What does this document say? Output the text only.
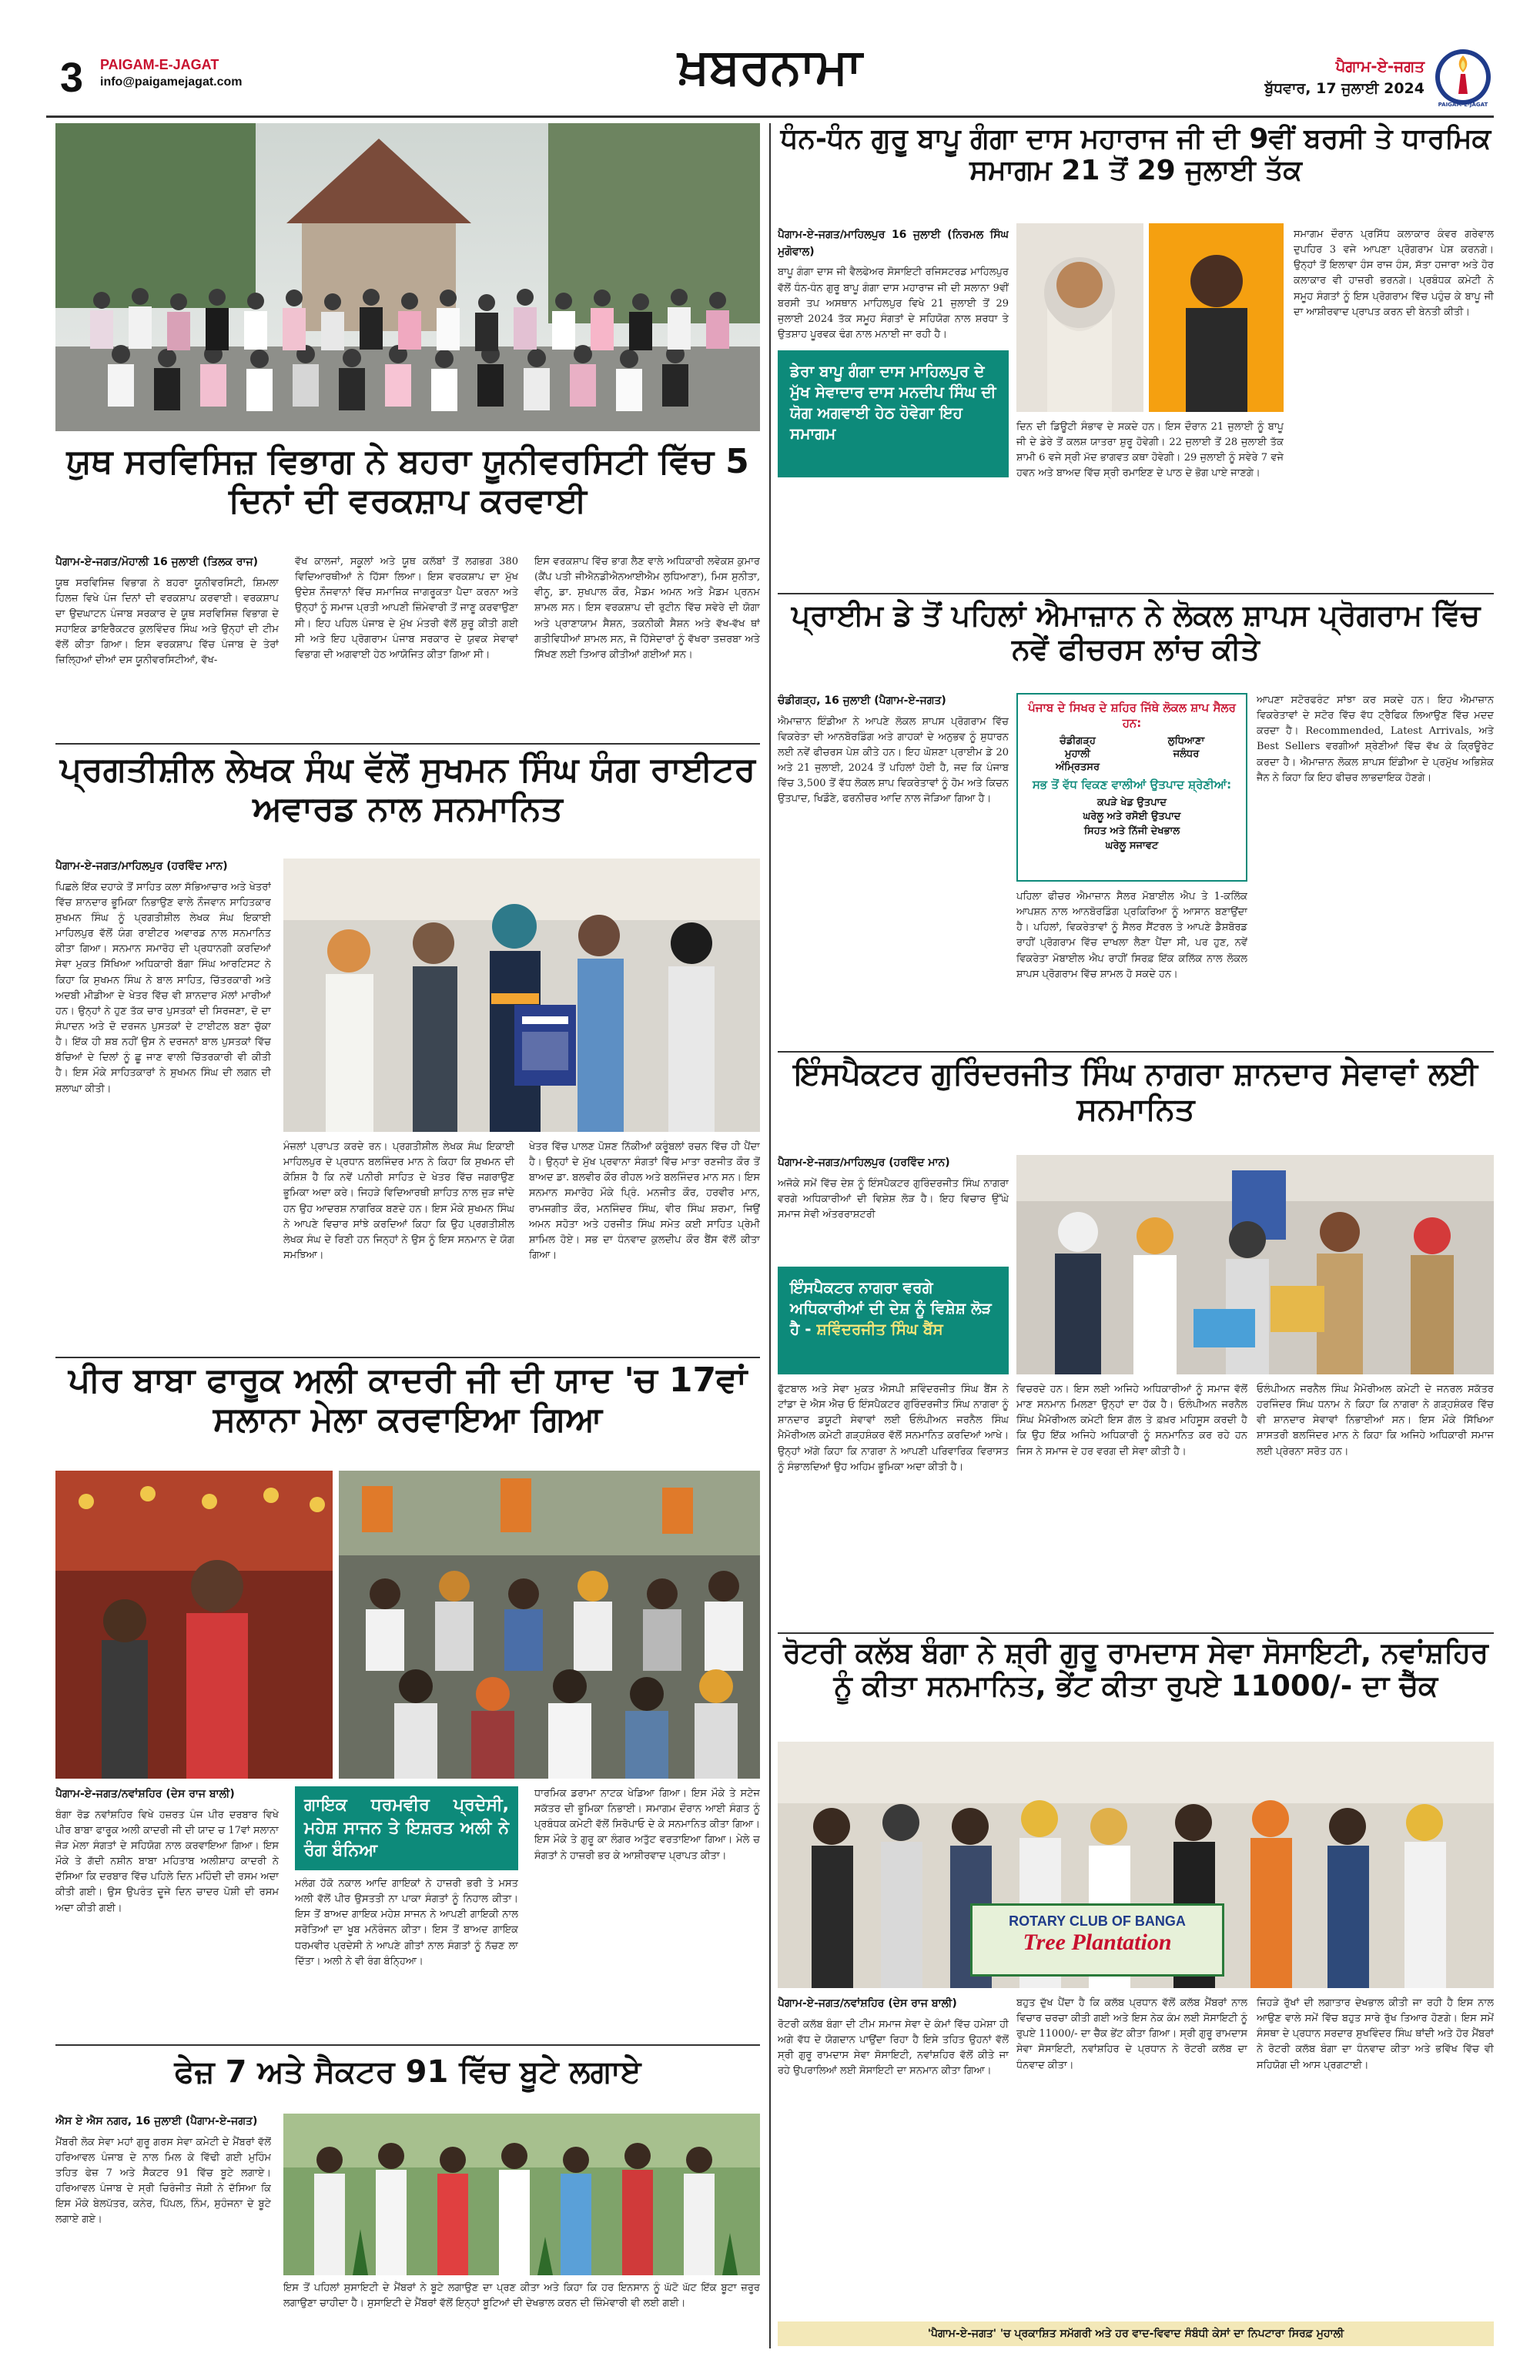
3 PAIGAM-E-JAGAT
info@paigamejagat.com	ਖ਼ਬਰਨਾਮਾ	ਪੈਗਾਮ-ਏ-ਜਗਤ
ਬੁੱਧਵਾਰ, 17 ਜੁਲਾਈ 2024
PAIGAM-E-JAGAT
ਯੁਥ ਸਰਵਿਸਿਜ਼ ਵਿਭਾਗ ਨੇ ਬਹਰਾ ਯੂਨੀਵਰਸਿਟੀ ਵਿੱਚ 5 ਦਿਨਾਂ ਦੀ ਵਰਕਸ਼ਾਪ ਕਰਵਾਈ
ਪੈਗਾਮ-ਏ-ਜਗਤ/ਮੋਹਾਲੀ 16 ਜੁਲਾਈ (ਤਿਲਕ ਰਾਜ)
ਯੂਥ ਸਰਵਿਸਿਜ਼ ਵਿਭਾਗ ਨੇ ਬਹਰਾ ਯੂਨੀਵਰਸਿਟੀ, ਸ਼ਿਮਲਾ ਹਿਲਜ਼ ਵਿਖੇ ਪੰਜ ਦਿਨਾਂ ਦੀ ਵਰਕਸ਼ਾਪ ਕਰਵਾਈ। ਵਰਕਸ਼ਾਪ ਦਾ ਉਦਘਾਟਨ ਪੰਜਾਬ ਸਰਕਾਰ ਦੇ ਯੂਥ ਸਰਵਿਸਿਜ਼ ਵਿਭਾਗ ਦੇ ਸਹਾਇਕ ਡਾਇਰੈਕਟਰ ਕੁਲਵਿੰਦਰ ਸਿੰਘ ਅਤੇ ਉਨ੍ਹਾਂ ਦੀ ਟੀਮ ਵੱਲੋਂ ਕੀਤਾ ਗਿਆ। ਇਸ ਵਰਕਸ਼ਾਪ ਵਿੱਚ ਪੰਜਾਬ ਦੇ ਤੇਰਾਂ ਜ਼ਿਲ੍ਹਿਆਂ ਦੀਆਂ ਦਸ ਯੂਨੀਵਰਸਿਟੀਆਂ, ਵੱਖ-
ਵੱਖ ਕਾਲਜਾਂ, ਸਕੂਲਾਂ ਅਤੇ ਯੂਥ ਕਲੱਬਾਂ ਤੋਂ ਲਗਭਗ 380 ਵਿਦਿਆਰਥੀਆਂ ਨੇ ਹਿੱਸਾ ਲਿਆ। ਇਸ ਵਰਕਸ਼ਾਪ ਦਾ ਮੁੱਖ ਉਦੇਸ਼ ਨੌਜਵਾਨਾਂ ਵਿੱਚ ਸਮਾਜਿਕ ਜਾਗਰੂਕਤਾ ਪੈਦਾ ਕਰਨਾ ਅਤੇ ਉਨ੍ਹਾਂ ਨੂੰ ਸਮਾਜ ਪ੍ਰਤੀ ਆਪਣੀ ਜ਼ਿੰਮੇਵਾਰੀ ਤੋਂ ਜਾਣੂ ਕਰਵਾਉਣਾ ਸੀ। ਇਹ ਪਹਿਲ ਪੰਜਾਬ ਦੇ ਮੁੱਖ ਮੰਤਰੀ ਵੱਲੋਂ ਸ਼ੁਰੂ ਕੀਤੀ ਗਈ ਸੀ ਅਤੇ ਇਹ ਪ੍ਰੋਗਰਾਮ ਪੰਜਾਬ ਸਰਕਾਰ ਦੇ ਯੁਵਕ ਸੇਵਾਵਾਂ ਵਿਭਾਗ ਦੀ ਅਗਵਾਈ ਹੇਠ ਆਯੋਜਿਤ ਕੀਤਾ ਗਿਆ ਸੀ।
ਇਸ ਵਰਕਸ਼ਾਪ ਵਿੱਚ ਭਾਗ ਲੈਣ ਵਾਲੇ ਅਧਿਕਾਰੀ ਲਵੇਕਸ਼ ਕੁਮਾਰ (ਕੈਂਪ ਪਤੀ ਜੀਐਨਡੀਐਨਆਈਐਮ ਲੁਧਿਆਣਾ), ਮਿਸ ਸੁਨੀਤਾ, ਵੀਨੂ, ਡਾ. ਸੁਖਪਾਲ ਕੌਰ, ਮੈਡਮ ਅਮਨ ਅਤੇ ਮੈਡਮ ਪ੍ਰਨਮ ਸ਼ਾਮਲ ਸਨ। ਇਸ ਵਰਕਸ਼ਾਪ ਦੀ ਰੁਟੀਨ ਵਿੱਚ ਸਵੇਰੇ ਦੀ ਯੋਗਾ ਅਤੇ ਪ੍ਰਾਣਾਯਾਮ ਸੈਸ਼ਨ, ਤਕਨੀਕੀ ਸੈਸ਼ਨ ਅਤੇ ਵੱਖ-ਵੱਖ ਥਾਂ ਗਤੀਵਿਧੀਆਂ ਸ਼ਾਮਲ ਸਨ, ਜੋ ਹਿੱਸੇਦਾਰਾਂ ਨੂੰ ਵੱਖਰਾ ਤਜ਼ਰਬਾ ਅਤੇ ਸਿੱਖਣ ਲਈ ਤਿਆਰ ਕੀਤੀਆਂ ਗਈਆਂ ਸਨ।
ਪ੍ਰਗਤੀਸ਼ੀਲ ਲੇਖਕ ਸੰਘ ਵੱਲੋਂ ਸੁਖਮਨ ਸਿੰਘ ਯੰਗ ਰਾਈਟਰ ਅਵਾਰਡ ਨਾਲ ਸਨਮਾਨਿਤ
ਪੈਗਾਮ-ਏ-ਜਗਤ/ਮਾਹਿਲਪੁਰ (ਹਰਵਿੰਦ ਮਾਨ)
ਪਿਛਲੇ ਇੱਕ ਦਹਾਕੇ ਤੋਂ ਸਾਹਿਤ ਕਲਾ ਸੱਭਿਆਚਾਰ ਅਤੇ ਖੇਤਰਾਂ ਵਿੱਚ ਸ਼ਾਨਦਾਰ ਭੂਮਿਕਾ ਨਿਭਾਉਣ ਵਾਲੇ ਨੌਜਵਾਨ ਸਾਹਿਤਕਾਰ ਸੁਖਮਨ ਸਿੰਘ ਨੂੰ ਪ੍ਰਗਤੀਸ਼ੀਲ ਲੇਖਕ ਸੰਘ ਇਕਾਈ ਮਾਹਿਲਪੁਰ ਵੱਲੋਂ ਯੰਗ ਰਾਈਟਰ ਅਵਾਰਡ ਨਾਲ ਸਨਮਾਨਿਤ ਕੀਤਾ ਗਿਆ। ਸਨਮਾਨ ਸਮਾਰੋਹ ਦੀ ਪ੍ਰਧਾਨਗੀ ਕਰਦਿਆਂ ਸੇਵਾ ਮੁਕਤ ਸਿੱਖਿਆ ਅਧਿਕਾਰੀ ਬੱਗਾ ਸਿੰਘ ਆਰਟਿਸਟ ਨੇ ਕਿਹਾ ਕਿ ਸੁਖਮਨ ਸਿੰਘ ਨੇ ਬਾਲ ਸਾਹਿਤ, ਚਿੱਤਰਕਾਰੀ ਅਤੇ ਅਦਬੀ ਮੀਡੀਆ ਦੇ ਖੇਤਰ ਵਿੱਚ ਵੀ ਸ਼ਾਨਦਾਰ ਮੱਲਾਂ ਮਾਰੀਆਂ ਹਨ। ਉਨ੍ਹਾਂ ਨੇ ਹੁਣ ਤੱਕ ਚਾਰ ਪੁਸਤਕਾਂ ਦੀ ਸਿਰਜਣਾ, ਦੋ ਦਾ ਸੰਪਾਦਨ ਅਤੇ ਦੋ ਦਰਜਨ ਪੁਸਤਕਾਂ ਦੇ ਟਾਈਟਲ ਬਣਾ ਚੁੱਕਾ ਹੈ। ਇੱਕ ਹੀ ਸ਼ਬ ਨਹੀਂ ਉਸ ਨੇ ਦਰਜਨਾਂ ਬਾਲ ਪੁਸਤਕਾਂ ਵਿੱਚ ਬੱਚਿਆਂ ਦੇ ਦਿਲਾਂ ਨੂੰ ਛੂ ਜਾਣ ਵਾਲੀ ਚਿੱਤਰਕਾਰੀ ਵੀ ਕੀਤੀ ਹੈ। ਇਸ ਮੌਕੇ ਸਾਹਿਤਕਾਰਾਂ ਨੇ ਸੁਖਮਨ ਸਿੰਘ ਦੀ ਲਗਨ ਦੀ ਸ਼ਲਾਘਾ ਕੀਤੀ।
ਮੰਜ਼ਲਾਂ ਪ੍ਰਾਪਤ ਕਰਦੇ ਰਨ। ਪ੍ਰਗਤੀਸ਼ੀਲ ਲੇਖਕ ਸੰਘ ਇਕਾਈ ਮਾਹਿਲਪੁਰ ਦੇ ਪ੍ਰਧਾਨ ਬਲਜਿੰਦਰ ਮਾਨ ਨੇ ਕਿਹਾ ਕਿ ਸੁਖਮਨ ਦੀ ਕੋਸ਼ਿਸ਼ ਹੈ ਕਿ ਨਵੇਂ ਪਨੀਰੀ ਸਾਹਿਤ ਦੇ ਖੇਤਰ ਵਿੱਚ ਜਗਰਾਉਣ ਭੂਮਿਕਾ ਅਦਾ ਕਰੇ। ਜਿਹੜੇ ਵਿਦਿਆਰਥੀ ਸ਼ਾਹਿਤ ਨਾਲ ਜੁੜ ਜਾਂਦੇ ਹਨ ਉਹ ਆਦਰਸ਼ ਨਾਗਰਿਕ ਬਣਦੇ ਹਨ। ਇਸ ਮੌਕੇ ਸੁਖਮਨ ਸਿੰਘ ਨੇ ਆਪਣੇ ਵਿਚਾਰ ਸਾਂਝੇ ਕਰਦਿਆਂ ਕਿਹਾ ਕਿ ਉਹ ਪ੍ਰਗਤੀਸ਼ੀਲ ਲੇਖਕ ਸੰਘ ਦੇ ਰਿਣੀ ਹਨ ਜਿਨ੍ਹਾਂ ਨੇ ਉਸ ਨੂੰ ਇਸ ਸਨਮਾਨ ਦੇ ਯੋਗ ਸਮਝਿਆ।
ਖੇਤਰ ਵਿੱਚ ਪਾਲਣ ਪੋਸ਼ਣ ਨਿੱਕੀਆਂ ਕਰੂੰਬਲਾਂ ਰਚਨ ਵਿੱਚ ਹੀ ਪੈਂਦਾ ਹੈ। ਉਨ੍ਹਾਂ ਦੇ ਮੁੱਖ ਪ੍ਰਵਾਨਾ ਸੰਗਤਾਂ ਵਿੱਚ ਮਾਤਾ ਰਣਜੀਤ ਕੌਰ ਤੋਂ ਬਾਅਦ ਡਾ. ਬਲਵੀਰ ਕੌਰ ਰੀਹਲ ਅਤੇ ਬਲਜਿੰਦਰ ਮਾਨ ਸਨ। ਇਸ ਸਨਮਾਨ ਸਮਾਰੋਹ ਮੌਕੇ ਪ੍ਰਿੰ. ਮਨਜੀਤ ਕੌਰ, ਹਰਵੀਰ ਮਾਨ, ਰਾਮਜਗੀਤ ਕੌਰ, ਮਨਜਿੰਦਰ ਸਿੰਘ, ਵੀਰ ਸਿੰਘ ਸ਼ਰਮਾ, ਜਿਉਂ ਅਮਨ ਸਹੋਤਾ ਅਤੇ ਹਰਜੀਤ ਸਿੰਘ ਸਮੇਤ ਕਈ ਸਾਹਿਤ ਪ੍ਰੇਮੀ ਸ਼ਾਮਿਲ ਹੋਏ। ਸਭ ਦਾ ਧੰਨਵਾਦ ਕੁਲਦੀਪ ਕੌਰ ਬੈਂਸ ਵੱਲੋਂ ਕੀਤਾ ਗਿਆ।
ਪੀਰ ਬਾਬਾ ਫਾਰੂਕ ਅਲੀ ਕਾਦਰੀ ਜੀ ਦੀ ਯਾਦ 'ਚ 17ਵਾਂ ਸਲਾਨਾ ਮੇਲਾ ਕਰਵਾਇਆ ਗਿਆ
ਪੈਗਾਮ-ਏ-ਜਗਤ/ਨਵਾਂਸ਼ਹਿਰ (ਦੇਸ ਰਾਜ ਬਾਲੀ)
ਬੰਗਾ ਰੋਡ ਨਵਾਂਸ਼ਹਿਰ ਵਿਖੇ ਹਜ਼ਰਤ ਪੰਜ ਪੀਰ ਦਰਬਾਰ ਵਿਖੇ ਪੀਰ ਬਾਬਾ ਫਾਰੂਕ ਅਲੀ ਕਾਦਰੀ ਜੀ ਦੀ ਯਾਦ ਚ 17ਵਾਂ ਸਲਾਨਾ ਜੋੜ ਮੇਲਾ ਸੰਗਤਾਂ ਦੇ ਸਹਿਯੋਗ ਨਾਲ ਕਰਵਾਇਆ ਗਿਆ। ਇਸ ਮੌਕੇ ਤੇ ਗੱਦੀ ਨਸ਼ੀਨ ਬਾਬਾ ਮਹਿਤਾਬ ਅਲੀਸ਼ਾਹ ਕਾਦਰੀ ਨੇ ਦੱਸਿਆ ਕਿ ਦਰਬਾਰ ਵਿੱਚ ਪਹਿਲੇ ਦਿਨ ਮਹਿੰਦੀ ਦੀ ਰਸਮ ਅਦਾ ਕੀਤੀ ਗਈ। ਉਸ ਉਪਰੰਤ ਦੂਜੇ ਦਿਨ ਚਾਦਰ ਪੋਸ਼ੀ ਦੀ ਰਸਮ ਅਦਾ ਕੀਤੀ ਗਈ।
ਗਾਇਕ ਧਰਮਵੀਰ ਪ੍ਰਦੇਸੀ, ਮਹੇਸ਼ ਸਾਜਨ ਤੇ ਇਸ਼ਰਤ ਅਲੀ ਨੇ ਰੰਗ ਬੰਨਿਆ
ਮਲੰਗ ਹੱਕੋ ਨਕਾਲ ਆਦਿ ਗਾਇਕਾਂ ਨੇ ਹਾਜ਼ਰੀ ਭਰੀ ਤੇ ਮਸਤ ਅਲੀ ਵੱਲੋਂ ਪੀਰ ਉਸਤਤੀ ਨਾ ਪਾਕਾ ਸੰਗਤਾਂ ਨੂੰ ਨਿਹਾਲ ਕੀਤਾ। ਇਸ ਤੋਂ ਬਾਅਦ ਗਾਇਕ ਮਹੇਸ਼ ਸਾਜਨ ਨੇ ਆਪਣੀ ਗਾਇਕੀ ਨਾਲ ਸਰੋਤਿਆਂ ਦਾ ਖੂਬ ਮਨੋਰੰਜਨ ਕੀਤਾ। ਇਸ ਤੋਂ ਬਾਅਦ ਗਾਇਕ ਧਰਮਵੀਰ ਪ੍ਰਦੇਸੀ ਨੇ ਆਪਣੇ ਗੀਤਾਂ ਨਾਲ ਸੰਗਤਾਂ ਨੂੰ ਨੱਚਣ ਲਾ ਦਿੱਤਾ। ਅਲੀ ਨੇ ਵੀ ਰੰਗ ਬੰਨ੍ਹਿਆ।
ਧਾਰਮਿਕ ਡਰਾਮਾ ਨਾਟਕ ਖੇਡਿਆ ਗਿਆ। ਇਸ ਮੌਕੇ ਤੇ ਸਟੇਜ ਸਕੱਤਰ ਦੀ ਭੂਮਿਕਾ ਨਿਭਾਈ। ਸਮਾਗਮ ਦੌਰਾਨ ਆਈ ਸੰਗਤ ਨੂੰ ਪ੍ਰਬੰਧਕ ਕਮੇਟੀ ਵੱਲੋਂ ਸਿਰੋਪਾਓ ਦੇ ਕੇ ਸਨਮਾਨਿਤ ਕੀਤਾ ਗਿਆ। ਇਸ ਮੌਕੇ ਤੇ ਗੁਰੂ ਕਾ ਲੰਗਰ ਅਤੁੱਟ ਵਰਤਾਇਆ ਗਿਆ। ਮੇਲੇ ਚ ਸੰਗਤਾਂ ਨੇ ਹਾਜ਼ਰੀ ਭਰ ਕੇ ਆਸ਼ੀਰਵਾਦ ਪ੍ਰਾਪਤ ਕੀਤਾ।
ਫੇਜ਼ 7 ਅਤੇ ਸੈਕਟਰ 91 ਵਿੱਚ ਬੂਟੇ ਲਗਾਏ
ਐਸ ਏ ਐਸ ਨਗਰ, 16 ਜੁਲਾਈ (ਪੈਗਾਮ-ਏ-ਜਗਤ)
ਮੈਂਬਰੀ ਲੋਕ ਸੇਵਾ ਮਹਾਂ ਗੁਰੂ ਗਰਸ ਸੇਵਾ ਕਮੇਟੀ ਦੇ ਮੈਂਬਰਾਂ ਵੱਲੋਂ ਹਰਿਆਵਲ ਪੰਜਾਬ ਦੇ ਨਾਲ ਮਿਲ ਕੇ ਵਿੱਢੀ ਗਈ ਮੁਹਿੰਮ ਤਹਿਤ ਫੇਜ਼ 7 ਅਤੇ ਸੈਕਟਰ 91 ਵਿੱਚ ਬੂਟੇ ਲਗਾਏ। ਹਰਿਆਵਲ ਪੰਜਾਬ ਦੇ ਸ੍ਰੀ ਚਿਰੰਜੀਤ ਜੋਸ਼ੀ ਨੇ ਦੱਸਿਆ ਕਿ ਇਸ ਮੌਕੇ ਬੇਲਪੱਤਰ, ਕਨੇਰ, ਪਿੱਪਲ, ਨਿੰਮ, ਸੁਹੰਜਨਾ ਦੇ ਬੂਟੇ ਲਗਾਏ ਗਏ।
ਇਸ ਤੋਂ ਪਹਿਲਾਂ ਸੁਸਾਇਟੀ ਦੇ ਮੈਂਬਰਾਂ ਨੇ ਬੂਟੇ ਲਗਾਉਣ ਦਾ ਪ੍ਰਣ ਕੀਤਾ ਅਤੇ ਕਿਹਾ ਕਿ ਹਰ ਇਨਸਾਨ ਨੂੰ ਘੱਟੋ ਘੱਟ ਇੱਕ ਬੂਟਾ ਜ਼ਰੂਰ ਲਗਾਉਣਾ ਚਾਹੀਦਾ ਹੈ। ਸੁਸਾਇਟੀ ਦੇ ਮੈਂਬਰਾਂ ਵੱਲੋਂ ਇਨ੍ਹਾਂ ਬੂਟਿਆਂ ਦੀ ਦੇਖਭਾਲ ਕਰਨ ਦੀ ਜ਼ਿੰਮੇਵਾਰੀ ਵੀ ਲਈ ਗਈ।
ਧੰਨ-ਧੰਨ ਗੁਰੂ ਬਾਪੂ ਗੰਗਾ ਦਾਸ ਮਹਾਰਾਜ ਜੀ ਦੀ 9ਵੀਂ ਬਰਸੀ ਤੇ ਧਾਰਮਿਕ ਸਮਾਗਮ 21 ਤੋਂ 29 ਜੁਲਾਈ ਤੱਕ
ਪੈਗਾਮ-ਏ-ਜਗਤ/ਮਾਹਿਲਪੁਰ 16 ਜੁਲਾਈ (ਨਿਰਮਲ ਸਿੰਘ ਮੁਗੋਵਾਲ)
ਬਾਪੂ ਗੰਗਾ ਦਾਸ ਜੀ ਵੈਲਫੇਅਰ ਸੋਸਾਇਟੀ ਰਜਿਸਟਰਡ ਮਾਹਿਲਪੁਰ ਵੱਲੋਂ ਧੰਨ-ਧੰਨ ਗੁਰੂ ਬਾਪੂ ਗੰਗਾ ਦਾਸ ਮਹਾਰਾਜ ਜੀ ਦੀ ਸਲਾਨਾ 9ਵੀਂ ਬਰਸੀ ਤਪ ਅਸਥਾਨ ਮਾਹਿਲਪੁਰ ਵਿਖੇ 21 ਜੁਲਾਈ ਤੋਂ 29 ਜੁਲਾਈ 2024 ਤੱਕ ਸਮੂਹ ਸੰਗਤਾਂ ਦੇ ਸਹਿਯੋਗ ਨਾਲ ਸ਼ਰਧਾ ਤੇ ਉਤਸ਼ਾਹ ਪੂਰਵਕ ਢੰਗ ਨਾਲ ਮਨਾਈ ਜਾ ਰਹੀ ਹੈ।
ਡੇਰਾ ਬਾਪੂ ਗੰਗਾ ਦਾਸ ਮਾਹਿਲਪੁਰ ਦੇ ਮੁੱਖ ਸੇਵਾਦਾਰ ਦਾਸ ਮਨਦੀਪ ਸਿੰਘ ਦੀ ਯੋਗ ਅਗਵਾਈ ਹੇਠ ਹੋਵੇਗਾ ਇਹ ਸਮਾਗਮ	ਦਿਨ ਦੀ ਡਿਊਟੀ ਸੰਭਾਵ ਦੇ ਸਕਦੇ ਹਨ। ਇਸ ਦੌਰਾਨ 21 ਜੁਲਾਈ ਨੂੰ ਬਾਪੂ ਜੀ ਦੇ ਡੇਰੇ ਤੋਂ ਕਲਸ਼ ਯਾਤਰਾ ਸ਼ੁਰੂ ਹੋਵੇਗੀ। 22 ਜੁਲਾਈ ਤੋਂ 28 ਜੁਲਾਈ ਤੱਕ ਸ਼ਾਮੀ 6 ਵਜੇ ਸ੍ਰੀ ਮੱਦ ਭਾਗਵਤ ਕਥਾ ਹੋਵੇਗੀ। 29 ਜੁਲਾਈ ਨੂੰ ਸਵੇਰੇ 7 ਵਜੇ ਹਵਨ ਅਤੇ ਬਾਅਦ ਵਿੱਚ ਸ੍ਰੀ ਰਮਾਇਣ ਦੇ ਪਾਠ ਦੇ ਭੋਗ ਪਾਏ ਜਾਣਗੇ।
ਸਮਾਗਮ ਦੌਰਾਨ ਪ੍ਰਸਿੱਧ ਕਲਾਕਾਰ ਕੰਵਰ ਗਰੇਵਾਲ ਦੁਪਹਿਰ 3 ਵਜੇ ਆਪਣਾ ਪ੍ਰੋਗਰਾਮ ਪੇਸ਼ ਕਰਨਗੇ। ਉਨ੍ਹਾਂ ਤੋਂ ਇਲਾਵਾ ਹੰਸ ਰਾਜ ਹੰਸ, ਸੱਤਾ ਹਜਾਰਾ ਅਤੇ ਹੋਰ ਕਲਾਕਾਰ ਵੀ ਹਾਜ਼ਰੀ ਭਰਨਗੇ। ਪ੍ਰਬੰਧਕ ਕਮੇਟੀ ਨੇ ਸਮੂਹ ਸੰਗਤਾਂ ਨੂੰ ਇਸ ਪ੍ਰੋਗਰਾਮ ਵਿੱਚ ਪਹੁੰਚ ਕੇ ਬਾਪੂ ਜੀ ਦਾ ਆਸ਼ੀਰਵਾਦ ਪ੍ਰਾਪਤ ਕਰਨ ਦੀ ਬੇਨਤੀ ਕੀਤੀ।
ਪ੍ਰਾਈਮ ਡੇ ਤੋਂ ਪਹਿਲਾਂ ਐਮਾਜ਼ਾਨ ਨੇ ਲੋਕਲ ਸ਼ਾਪਸ ਪ੍ਰੋਗਰਾਮ ਵਿੱਚ ਨਵੇਂ ਫੀਚਰਸ ਲਾਂਚ ਕੀਤੇ
ਚੰਡੀਗੜ੍ਹ, 16 ਜੁਲਾਈ (ਪੈਗਾਮ-ਏ-ਜਗਤ)
ਐਮਾਜ਼ਾਨ ਇੰਡੀਆ ਨੇ ਆਪਣੇ ਲੋਕਲ ਸ਼ਾਪਸ ਪ੍ਰੋਗਰਾਮ ਵਿੱਚ ਵਿਕਰੇਤਾ ਦੀ ਆਨਬੋਰਡਿੰਗ ਅਤੇ ਗਾਹਕਾਂ ਦੇ ਅਨੁਭਵ ਨੂੰ ਸੁਧਾਰਨ ਲਈ ਨਵੇਂ ਫੀਚਰਸ ਪੇਸ਼ ਕੀਤੇ ਹਨ। ਇਹ ਘੋਸ਼ਣਾ ਪ੍ਰਾਈਮ ਡੇ 20 ਅਤੇ 21 ਜੁਲਾਈ, 2024 ਤੋਂ ਪਹਿਲਾਂ ਹੋਈ ਹੈ, ਜਦ ਕਿ ਪੰਜਾਬ ਵਿੱਚ 3,500 ਤੋਂ ਵੱਧ ਲੋਕਲ ਸ਼ਾਪ ਵਿਕਰੇਤਾਵਾਂ ਨੂੰ ਹੋਮ ਅਤੇ ਕਿਚਨ ਉਤਪਾਦ, ਖਿਡੌਣੇ, ਫਰਨੀਚਰ ਆਦਿ ਨਾਲ ਜੋੜਿਆ ਗਿਆ ਹੈ।
ਪੰਜਾਬ ਦੇ ਸਿਖਰ ਦੇ ਸ਼ਹਿਰ ਜਿੱਥੇ ਲੋਕਲ ਸ਼ਾਪ ਸੈਲਰ ਹਨ:
ਚੰਡੀਗੜ੍ਹ	ਲੁਧਿਆਣਾ
ਮੁਹਾਲੀ	ਜਲੰਧਰ
ਅੰਮ੍ਰਿਤਸਰ
ਸਭ ਤੋਂ ਵੱਧ ਵਿਕਣ ਵਾਲੀਆਂ ਉਤਪਾਦ ਸ਼੍ਰੇਣੀਆਂ:
ਕਪੜੇ ਖੇਡ ਉਤਪਾਦ
ਘਰੇਲੂ ਅਤੇ ਰਸੋਈ ਉਤਪਾਦ
ਸਿਹਤ ਅਤੇ ਨਿੱਜੀ ਦੇਖਭਾਲ
ਘਰੇਲੂ ਸਜਾਵਟ
ਪਹਿਲਾ ਫੀਚਰ ਐਮਾਜ਼ਾਨ ਸੈਲਰ ਮੋਬਾਈਲ ਐਪ ਤੇ 1-ਕਲਿੱਕ ਆਪਸ਼ਨ ਨਾਲ ਆਨਬੋਰਡਿੰਗ ਪ੍ਰਕਿਰਿਆ ਨੂੰ ਆਸਾਨ ਬਣਾਉਂਦਾ ਹੈ। ਪਹਿਲਾਂ, ਵਿਕਰੇਤਾਵਾਂ ਨੂੰ ਸੈਲਰ ਸੈਂਟਰਲ ਤੇ ਆਪਣੇ ਡੈਸ਼ਬੋਰਡ ਰਾਹੀਂ ਪ੍ਰੋਗਰਾਮ ਵਿੱਚ ਦਾਖਲਾ ਲੈਣਾ ਪੈਂਦਾ ਸੀ, ਪਰ ਹੁਣ, ਨਵੇਂ ਵਿਕਰੇਤਾ ਮੋਬਾਈਲ ਐਪ ਰਾਹੀਂ ਸਿਰਫ਼ ਇੱਕ ਕਲਿੱਕ ਨਾਲ ਲੋਕਲ ਸ਼ਾਪਸ ਪ੍ਰੋਗਰਾਮ ਵਿੱਚ ਸ਼ਾਮਲ ਹੋ ਸਕਦੇ ਹਨ।
ਆਪਣਾ ਸਟੋਰਫਰੰਟ ਸਾਂਝਾ ਕਰ ਸਕਦੇ ਹਨ। ਇਹ ਐਮਾਜ਼ਾਨ ਵਿਕਰੇਤਾਵਾਂ ਦੇ ਸਟੋਰ ਵਿੱਚ ਵੱਧ ਟ੍ਰੈਫਿਕ ਲਿਆਉਣ ਵਿੱਚ ਮਦਦ ਕਰਦਾ ਹੈ। Recommended, Latest Arrivals, ਅਤੇ Best Sellers ਵਰਗੀਆਂ ਸ਼੍ਰੇਣੀਆਂ ਵਿੱਚ ਵੱਖ ਕੇ ਕ੍ਰਿਊਰੇਟ ਕਰਦਾ ਹੈ। ਐਮਾਜ਼ਾਨ ਲੋਕਲ ਸ਼ਾਪਸ ਇੰਡੀਆ ਦੇ ਪ੍ਰਮੁੱਖ ਅਭਿਸ਼ੇਕ ਜੈਨ ਨੇ ਕਿਹਾ ਕਿ ਇਹ ਫੀਚਰ ਲਾਭਦਾਇਕ ਹੋਣਗੇ।
ਇੰਸਪੈਕਟਰ ਗੁਰਿੰਦਰਜੀਤ ਸਿੰਘ ਨਾਗਰਾ ਸ਼ਾਨਦਾਰ ਸੇਵਾਵਾਂ ਲਈ ਸਨਮਾਨਿਤ
ਪੈਗਾਮ-ਏ-ਜਗਤ/ਮਾਹਿਲਪੁਰ (ਹਰਵਿੰਦ ਮਾਨ)
ਅਜੋਕੇ ਸਮੇਂ ਵਿੱਚ ਦੇਸ਼ ਨੂੰ ਇੰਸਪੈਕਟਰ ਗੁਰਿੰਦਰਜੀਤ ਸਿੰਘ ਨਾਗਰਾ ਵਰਗੇ ਅਧਿਕਾਰੀਆਂ ਦੀ ਵਿਸ਼ੇਸ਼ ਲੋੜ ਹੈ। ਇਹ ਵਿਚਾਰ ਉੱਘੇ ਸਮਾਜ ਸੇਵੀ ਅੰਤਰਰਾਸ਼ਟਰੀ
ਇੰਸਪੈਕਟਰ ਨਾਗਰਾ ਵਰਗੇ ਅਧਿਕਾਰੀਆਂ ਦੀ ਦੇਸ਼ ਨੂੰ ਵਿਸ਼ੇਸ਼ ਲੋੜ ਹੈ - ਸ਼ਵਿੰਦਰਜੀਤ ਸਿੰਘ ਬੈਂਸ
ਫੁੱਟਬਾਲ ਅਤੇ ਸੇਵਾ ਮੁਕਤ ਐਸਪੀ ਸ਼ਵਿੰਦਰਜੀਤ ਸਿੰਘ ਬੈਂਸ ਨੇ ਟਾਂਡਾ ਦੇ ਐਸ ਐਚ ਓ ਇੰਸਪੈਕਟਰ ਗੁਰਿੰਦਰਜੀਤ ਸਿੰਘ ਨਾਗਰਾ ਨੂੰ ਸ਼ਾਨਦਾਰ ਡਯੂਟੀ ਸੇਵਾਵਾਂ ਲਈ ਓਲੰਪੀਅਨ ਜਰਨੈਲ ਸਿੰਘ ਮੈਮੋਰੀਅਲ ਕਮੇਟੀ ਗੜ੍ਹਸ਼ੰਕਰ ਵੱਲੋਂ ਸਨਮਾਨਿਤ ਕਰਦਿਆਂ ਆਖੇ। ਉਨ੍ਹਾਂ ਅੱਗੇ ਕਿਹਾ ਕਿ ਨਾਗਰਾ ਨੇ ਆਪਣੀ ਪਰਿਵਾਰਿਕ ਵਿਰਾਸਤ ਨੂੰ ਸੰਭਾਲਦਿਆਂ ਉਹ ਅਹਿਮ ਭੂਮਿਕਾ ਅਦਾ ਕੀਤੀ ਹੈ।
ਵਿਚਰਦੇ ਹਨ। ਇਸ ਲਈ ਅਜਿਹੇ ਅਧਿਕਾਰੀਆਂ ਨੂੰ ਸਮਾਜ ਵੱਲੋਂ ਮਾਣ ਸਨਮਾਨ ਮਿਲਣਾ ਉਨ੍ਹਾਂ ਦਾ ਹੱਕ ਹੈ। ਓਲੰਪੀਅਨ ਜਰਨੈਲ ਸਿੰਘ ਮੈਮੋਰੀਅਲ ਕਮੇਟੀ ਇਸ ਗੱਲ ਤੇ ਫ਼ਖ਼ਰ ਮਹਿਸੂਸ ਕਰਦੀ ਹੈ ਕਿ ਉਹ ਇੱਕ ਅਜਿਹੇ ਅਧਿਕਾਰੀ ਨੂੰ ਸਨਮਾਨਿਤ ਕਰ ਰਹੇ ਹਨ ਜਿਸ ਨੇ ਸਮਾਜ ਦੇ ਹਰ ਵਰਗ ਦੀ ਸੇਵਾ ਕੀਤੀ ਹੈ।
ਓਲੰਪੀਅਨ ਜਰਨੈਲ ਸਿੰਘ ਮੈਮੋਰੀਅਲ ਕਮੇਟੀ ਦੇ ਜਨਰਲ ਸਕੱਤਰ ਹਰਜਿੰਦਰ ਸਿੰਘ ਧਨਾਮ ਨੇ ਕਿਹਾ ਕਿ ਨਾਗਰਾ ਨੇ ਗੜ੍ਹਸ਼ੰਕਰ ਵਿੱਚ ਵੀ ਸ਼ਾਨਦਾਰ ਸੇਵਾਵਾਂ ਨਿਭਾਈਆਂ ਸਨ। ਇਸ ਮੌਕੇ ਸਿੱਖਿਆ ਸ਼ਾਸਤਰੀ ਬਲਜਿੰਦਰ ਮਾਨ ਨੇ ਕਿਹਾ ਕਿ ਅਜਿਹੇ ਅਧਿਕਾਰੀ ਸਮਾਜ ਲਈ ਪ੍ਰੇਰਨਾ ਸਰੋਤ ਹਨ।
ਰੋਟਰੀ ਕਲੱਬ ਬੰਗਾ ਨੇ ਸ਼੍ਰੀ ਗੁਰੂ ਰਾਮਦਾਸ ਸੇਵਾ ਸੋਸਾਇਟੀ, ਨਵਾਂਸ਼ਹਿਰ ਨੂੰ ਕੀਤਾ ਸਨਮਾਨਿਤ, ਭੇਂਟ ਕੀਤਾ ਰੁਪਏ 11000/- ਦਾ ਚੈੱਕ
ROTARY CLUB OF BANGA
Tree Plantation
ਪੈਗਾਮ-ਏ-ਜਗਤ/ਨਵਾਂਸ਼ਹਿਰ (ਦੇਸ ਰਾਜ ਬਾਲੀ)
ਰੋਟਰੀ ਕਲੱਬ ਬੰਗਾ ਦੀ ਟੀਮ ਸਮਾਜ ਸੇਵਾ ਦੇ ਕੰਮਾਂ ਵਿੱਚ ਹਮੇਸ਼ਾ ਹੀ ਅਗੇ ਵੱਧ ਦੇ ਯੋਗਦਾਨ ਪਾਉਂਦਾ ਰਿਹਾ ਹੈ ਇਸੇ ਤਹਿਤ ਉਹਨਾਂ ਵੱਲੋਂ ਸ੍ਰੀ ਗੁਰੂ ਰਾਮਦਾਸ ਸੇਵਾ ਸੋਸਾਇਟੀ, ਨਵਾਂਸ਼ਹਿਰ ਵੱਲੋਂ ਕੀਤੇ ਜਾ ਰਹੇ ਉਪਰਾਲਿਆਂ ਲਈ ਸੋਸਾਇਟੀ ਦਾ ਸਨਮਾਨ ਕੀਤਾ ਗਿਆ।
ਬਹੁਤ ਦੁੱਖ ਪੈਂਦਾ ਹੈ ਕਿ ਕਲੱਬ ਪ੍ਰਧਾਨ ਵੱਲੋਂ ਕਲੱਬ ਮੈਂਬਰਾਂ ਨਾਲ ਵਿਚਾਰ ਚਰਚਾ ਕੀਤੀ ਗਈ ਅਤੇ ਇਸ ਨੇਕ ਕੰਮ ਲਈ ਸੋਸਾਇਟੀ ਨੂੰ ਰੁਪਏ 11000/- ਦਾ ਚੈੱਕ ਭੇਂਟ ਕੀਤਾ ਗਿਆ। ਸ੍ਰੀ ਗੁਰੂ ਰਾਮਦਾਸ ਸੇਵਾ ਸੋਸਾਇਟੀ, ਨਵਾਂਸ਼ਹਿਰ ਦੇ ਪ੍ਰਧਾਨ ਨੇ ਰੋਟਰੀ ਕਲੱਬ ਦਾ ਧੰਨਵਾਦ ਕੀਤਾ।
ਜਿਹੜੇ ਰੁੱਖਾਂ ਦੀ ਲਗਾਤਾਰ ਦੇਖਭਾਲ ਕੀਤੀ ਜਾ ਰਹੀ ਹੈ ਇਸ ਨਾਲ ਆਉਣ ਵਾਲੇ ਸਮੇਂ ਵਿੱਚ ਬਹੁਤ ਸਾਰੇ ਰੁੱਖ ਤਿਆਰ ਹੋਣਗੇ। ਇਸ ਸਮੇਂ ਸੰਸਥਾ ਦੇ ਪ੍ਰਧਾਨ ਸਰਦਾਰ ਸੁਖਵਿੰਦਰ ਸਿੰਘ ਥਾਂਦੀ ਅਤੇ ਹੋਰ ਮੈਂਬਰਾਂ ਨੇ ਰੋਟਰੀ ਕਲੱਬ ਬੰਗਾ ਦਾ ਧੰਨਵਾਦ ਕੀਤਾ ਅਤੇ ਭਵਿੱਖ ਵਿੱਚ ਵੀ ਸਹਿਯੋਗ ਦੀ ਆਸ ਪ੍ਰਗਟਾਈ।
'ਪੈਗਾਮ-ਏ-ਜਗਤ' 'ਚ ਪ੍ਰਕਾਸ਼ਿਤ ਸਮੱਗਰੀ ਅਤੇ ਹਰ ਵਾਦ-ਵਿਵਾਦ ਸੰਬੰਧੀ ਕੇਸਾਂ ਦਾ ਨਿਪਟਾਰਾ ਸਿਰਫ਼ ਮੁਹਾਲੀ
